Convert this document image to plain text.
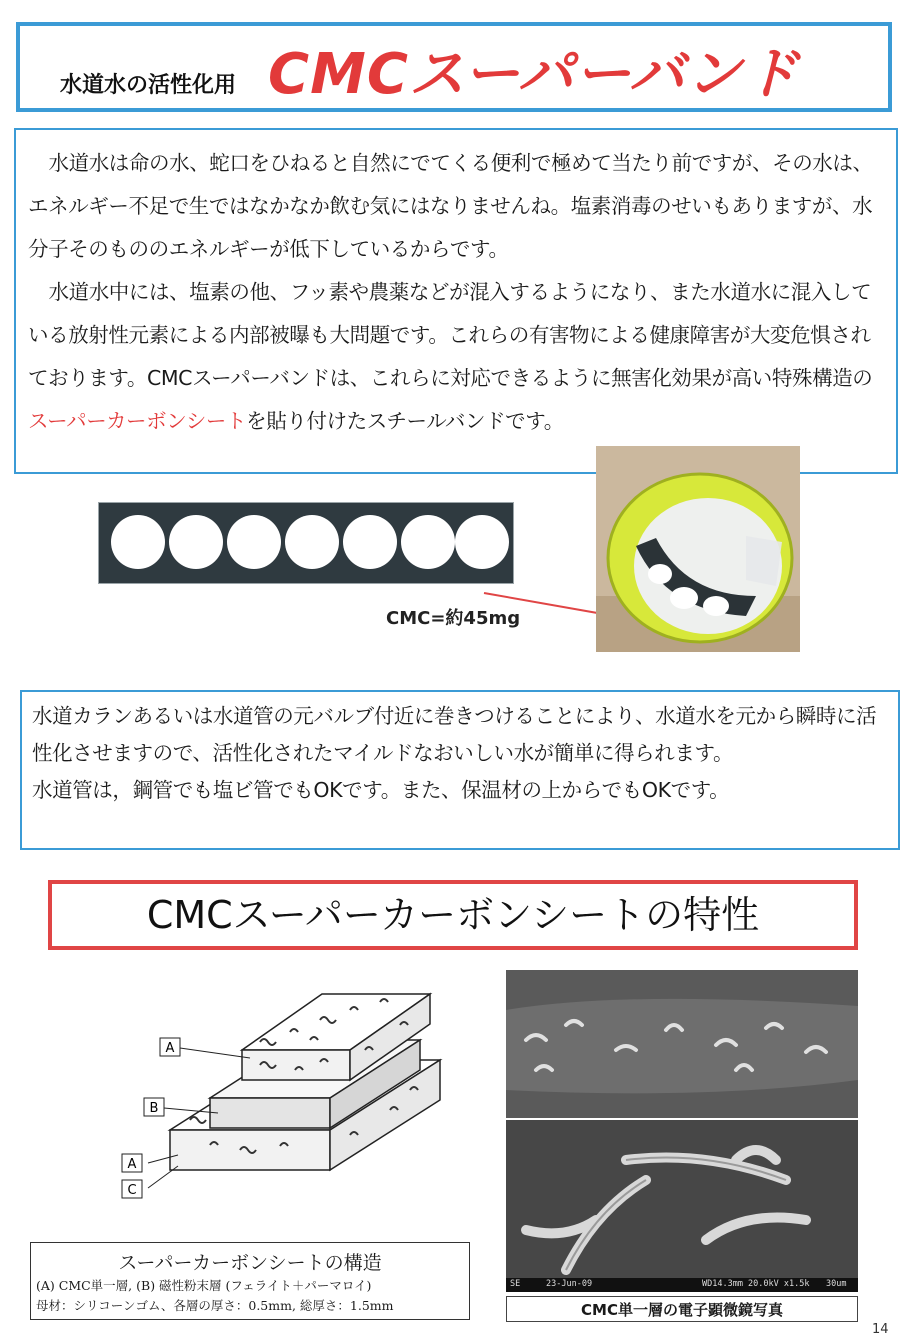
水道水の活性化用 CMCスーパーバンド

水道水は命の水、蛇口をひねると自然にでてくる便利で極めて当たり前ですが、その水は、エネルギー不足で生ではなかなか飲む気にはなりませんね。塩素消毒のせいもありますが、水分子そのもののエネルギーが低下しているからです。

水道水中には、塩素の他、フッ素や農薬などが混入するようになり、また水道水に混入している放射性元素による内部被曝も大問題です。これらの有害物による健康障害が大変危惧されております。CMCスーパーバンドは、これらに対応できるように無害化効果が高い特殊構造のスーパーカーボンシートを貼り付けたスチールバンドです。

CMC=約45mg

水道カランあるいは水道管の元バルブ付近に巻きつけることにより、水道水を元から瞬時に活性化させますので、活性化されたマイルドなおいしい水が簡単に得られます。

水道管は，鋼管でも塩ビ管でもOKです。また、保温材の上からでもOKです。

CMCスーパーカーボンシートの特性
A
B
A
C
スーパーカーボンシートの構造
(A) CMC単一層, (B) 磁性粉末層 (フェライト＋パーマロイ)
母材：シリコーンゴム、各層の厚さ：0.5mm, 総厚さ：1.5mm
SE	23-Jun-09	WD14.3mm 20.0kV x1.5k 30um
CMC単一層の電子顕微鏡写真
14
